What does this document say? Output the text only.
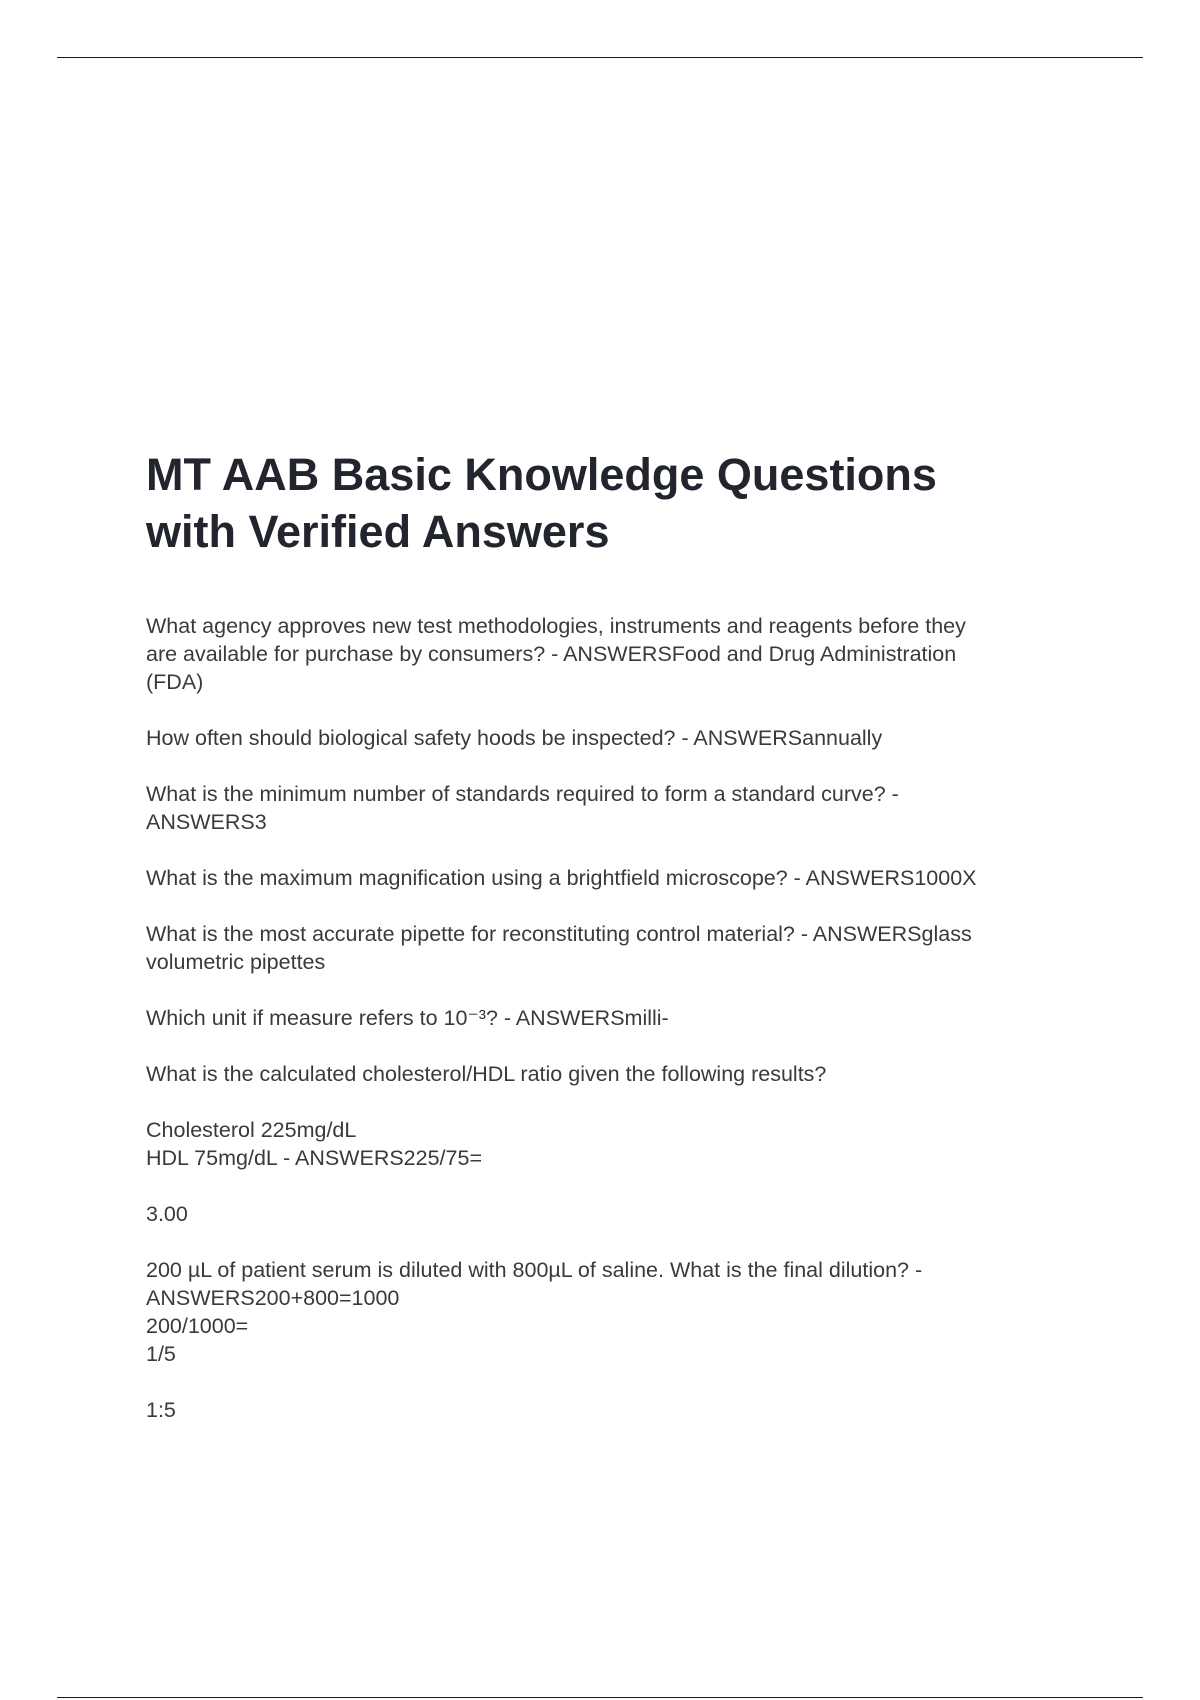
MT AAB Basic Knowledge Questions
with Verified Answers

What agency approves new test methodologies, instruments and reagents before they
are available for purchase by consumers? - ANSWERSFood and Drug Administration
(FDA)

How often should biological safety hoods be inspected? - ANSWERSannually

What is the minimum number of standards required to form a standard curve? -
ANSWERS3

What is the maximum magnification using a brightfield microscope? - ANSWERS1000X

What is the most accurate pipette for reconstituting control material? - ANSWERSglass
volumetric pipettes

Which unit if measure refers to 10⁻³? - ANSWERSmilli-

What is the calculated cholesterol/HDL ratio given the following results?

Cholesterol 225mg/dL
HDL 75mg/dL - ANSWERS225/75=

3.00

200 µL of patient serum is diluted with 800µL of saline. What is the final dilution? -
ANSWERS200+800=1000
200/1000=
1/5

1:5
